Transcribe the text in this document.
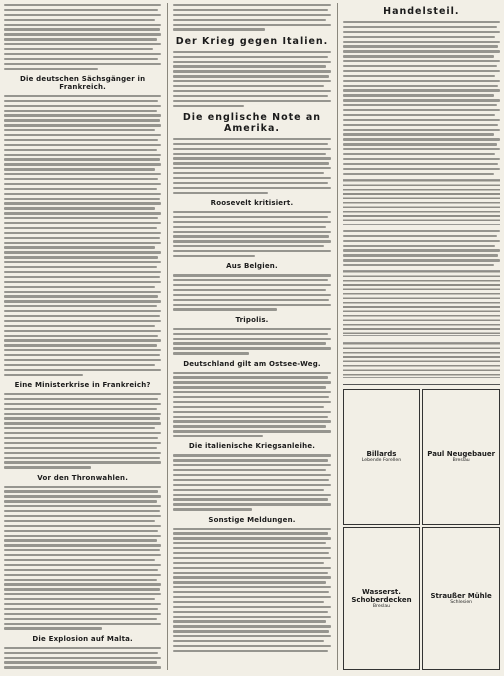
Die deutschen Sächsgänger in Frankreich.
Eine Ministerkrise in Frankreich?
Vor den Thronwahlen.
Die Explosion auf Malta.
Der Krieg gegen Italien.
Die englische Note an Amerika.
Roosevelt kritisiert.
Aus Belgien.
Tripolis.
Deutschland gilt am Ostsee-Weg.
Die italienische Kriegsanleihe.
Sonstige Meldungen.
Handelsteil.
Billards
Lebende Forellen
Paul Neugebauer
Breslau
Wasserst. Schoberdecken
Breslau
Straußer Mühle
Schlesien
